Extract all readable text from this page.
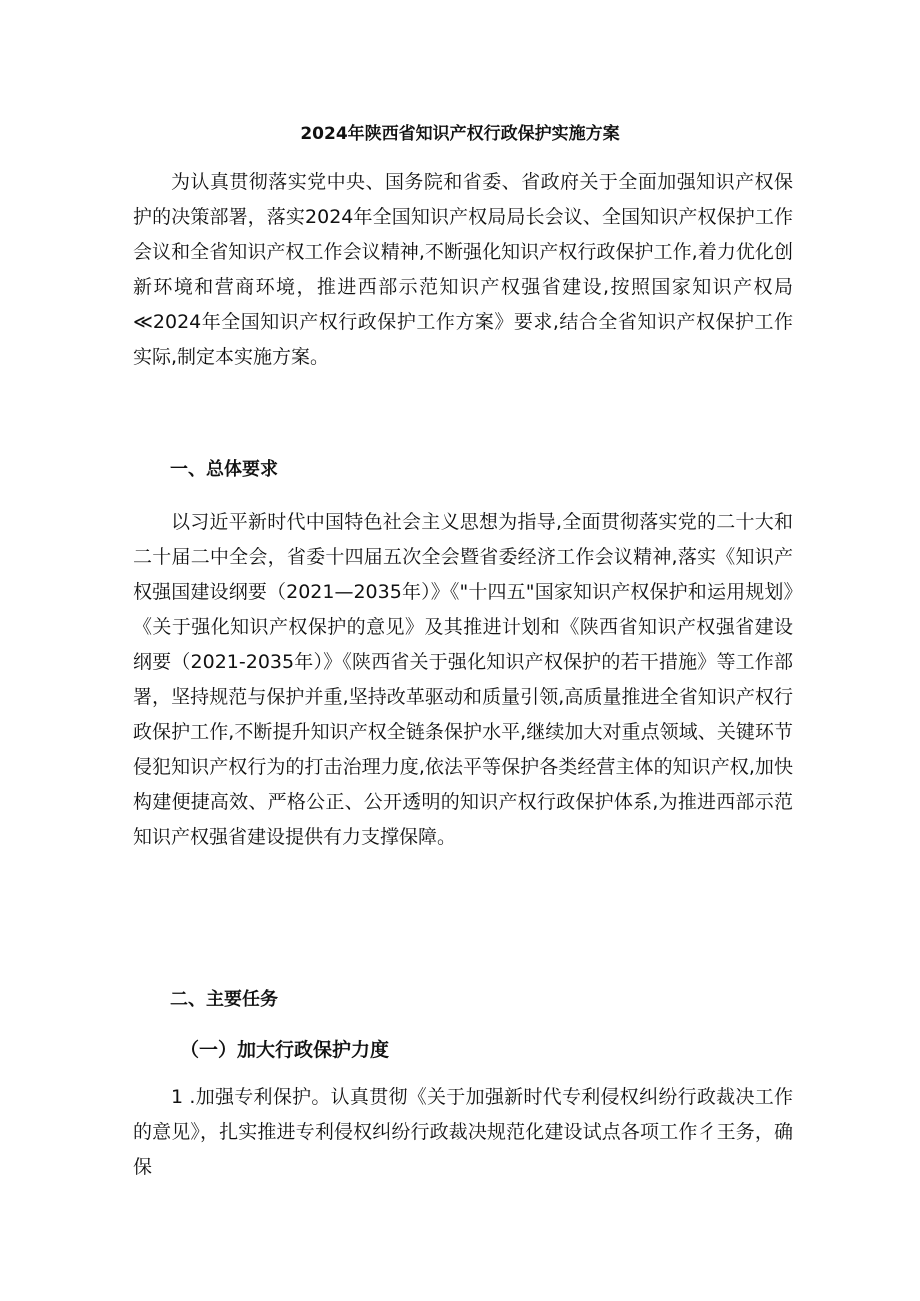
2024年陕西省知识产权行政保护实施方案

为认真贯彻落实党中央、国务院和省委、省政府关于全面加强知识产权保护的决策部署，落实2024年全国知识产权局局长会议、全国知识产权保护工作会议和全省知识产权工作会议精神,不断强化知识产权行政保护工作,着力优化创新环境和营商环境，推进西部示范知识产权强省建设,按照国家知识产权局≪2024年全国知识产权行政保护工作方案》要求,结合全省知识产权保护工作实际,制定本实施方案。

一、总体要求

以习近平新时代中国特色社会主义思想为指导,全面贯彻落实党的二十大和二十届二中全会，省委十四届五次全会暨省委经济工作会议精神,落实《知识产权强国建设纲要（2021—2035年）》《"十四五"国家知识产权保护和运用规划》《关于强化知识产权保护的意见》及其推进计划和《陕西省知识产权强省建设纲要（2021-2035年）》《陕西省关于强化知识产权保护的若干措施》等工作部署，坚持规范与保护并重,坚持改革驱动和质量引领,高质量推进全省知识产权行政保护工作,不断提升知识产权全链条保护水平,继续加大对重点领域、关键环节侵犯知识产权行为的打击治理力度,依法平等保护各类经营主体的知识产权,加快构建便捷高效、严格公正、公开透明的知识产权行政保护体系,为推进西部示范知识产权强省建设提供有力支撑保障。

二、主要任务
（一）加大行政保护力度

1 .加强专利保护。认真贯彻《关于加强新时代专利侵权纠纷行政裁决工作的意见》，扎实推进专利侵权纠纷行政裁决规范化建设试点各项工作彳王务，确保
